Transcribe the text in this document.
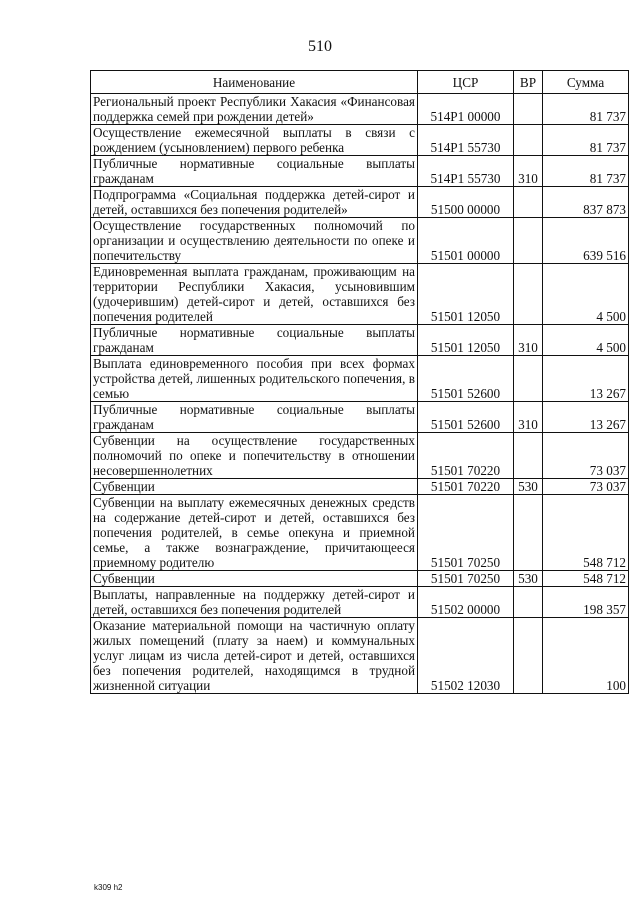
510
Наименование	ЦСР	ВР	Сумма
Региональный проект Республики Хакасия «Финансовая поддержка семей при рождении детей»	514P1 00000		81 737
Осуществление ежемесячной выплаты в связи с рождением (усыновлением) первого ребенка	514P1 55730		81 737
Публичные нормативные социальные выплаты гражданам	514P1 55730	310	81 737
Подпрограмма «Социальная поддержка детей-сирот и детей, оставшихся без попечения родителей»	51500 00000		837 873
Осуществление государственных полномочий по организации и осуществлению деятельности по опеке и попечительству	51501 00000		639 516
Единовременная выплата гражданам, проживающим на территории Республики Хакасия, усыновившим (удочерившим) детей-сирот и детей, оставшихся без попечения родителей	51501 12050		4 500
Публичные нормативные социальные выплаты гражданам	51501 12050	310	4 500
Выплата единовременного пособия при всех формах устройства детей, лишенных родительского попечения, в семью	51501 52600		13 267
Публичные нормативные социальные выплаты гражданам	51501 52600	310	13 267
Субвенции на осуществление государственных полномочий по опеке и попечительству в отношении несовершеннолетних	51501 70220		73 037
Субвенции	51501 70220	530	73 037
Субвенции на выплату ежемесячных денежных средств на содержание детей-сирот и детей, оставшихся без попечения родителей, в семье опекуна и приемной семье, а также вознаграждение, причитающееся приемному родителю	51501 70250		548 712
Субвенции	51501 70250	530	548 712
Выплаты, направленные на поддержку детей-сирот и детей, оставшихся без попечения родителей	51502 00000		198 357
Оказание материальной помощи на частичную оплату жилых помещений (плату за наем) и коммунальных услуг лицам из числа детей-сирот и детей, оставшихся без попечения родителей, находящимся в трудной жизненной ситуации	51502 12030		100
k309 h2
